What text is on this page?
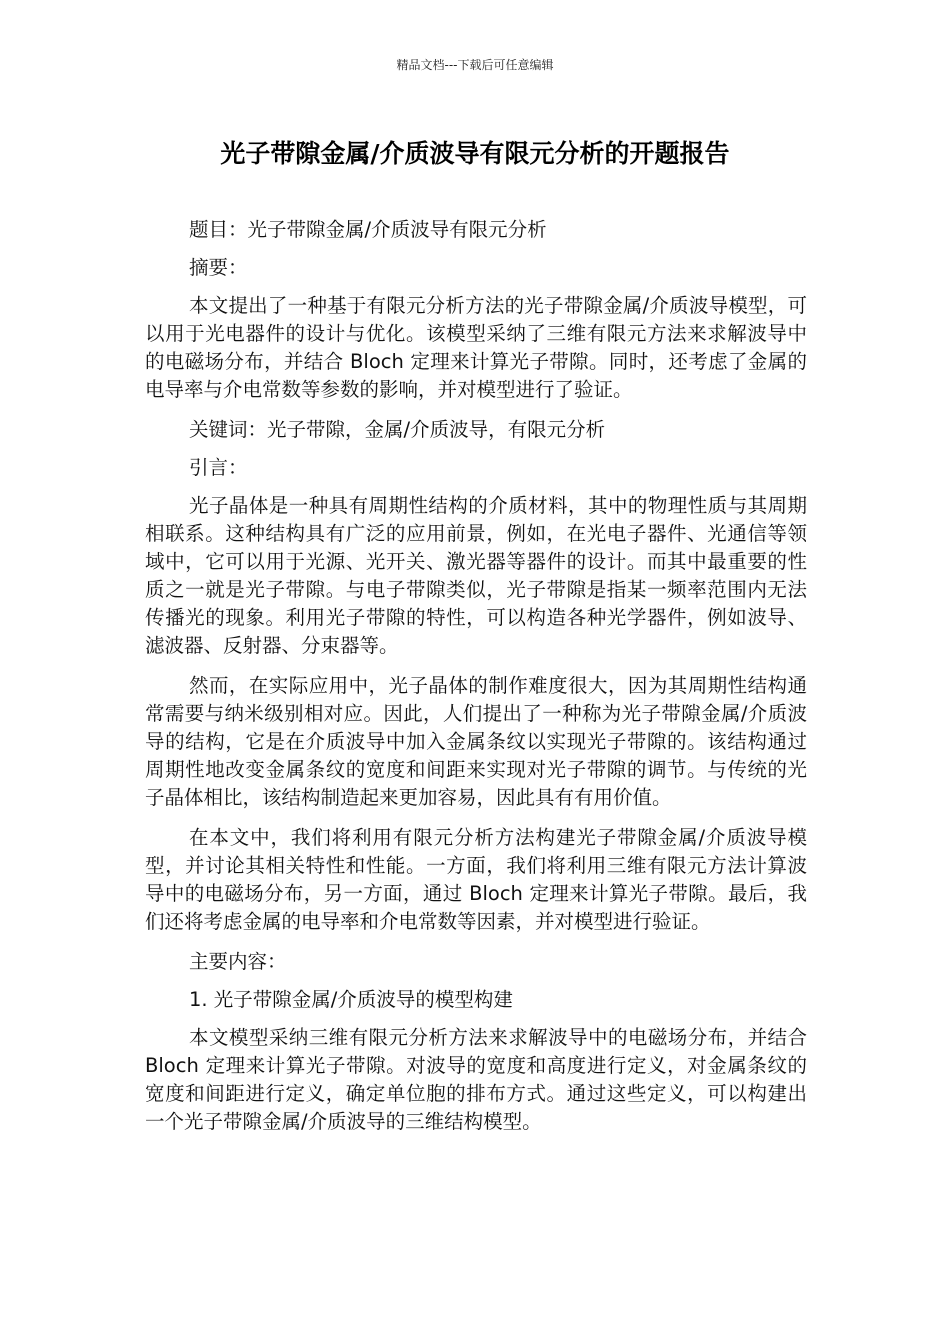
精品文档---下载后可任意编辑
光子带隙金属/介质波导有限元分析的开题报告

题目：光子带隙金属/介质波导有限元分析

摘要：

本文提出了一种基于有限元分析方法的光子带隙金属/介质波导模型，可以用于光电器件的设计与优化。该模型采纳了三维有限元方法来求解波导中的电磁场分布，并结合 Bloch 定理来计算光子带隙。同时，还考虑了金属的电导率与介电常数等参数的影响，并对模型进行了验证。

关键词：光子带隙，金属/介质波导，有限元分析

引言：

光子晶体是一种具有周期性结构的介质材料，其中的物理性质与其周期相联系。这种结构具有广泛的应用前景，例如，在光电子器件、光通信等领域中，它可以用于光源、光开关、激光器等器件的设计。而其中最重要的性质之一就是光子带隙。与电子带隙类似，光子带隙是指某一频率范围内无法传播光的现象。利用光子带隙的特性，可以构造各种光学器件，例如波导、滤波器、反射器、分束器等。

然而，在实际应用中，光子晶体的制作难度很大，因为其周期性结构通常需要与纳米级别相对应。因此，人们提出了一种称为光子带隙金属/介质波导的结构，它是在介质波导中加入金属条纹以实现光子带隙的。该结构通过周期性地改变金属条纹的宽度和间距来实现对光子带隙的调节。与传统的光子晶体相比，该结构制造起来更加容易，因此具有有用价值。

在本文中，我们将利用有限元分析方法构建光子带隙金属/介质波导模型，并讨论其相关特性和性能。一方面，我们将利用三维有限元方法计算波导中的电磁场分布，另一方面，通过 Bloch 定理来计算光子带隙。最后，我们还将考虑金属的电导率和介电常数等因素，并对模型进行验证。

主要内容：

1. 光子带隙金属/介质波导的模型构建

本文模型采纳三维有限元分析方法来求解波导中的电磁场分布，并结合 Bloch 定理来计算光子带隙。对波导的宽度和高度进行定义，对金属条纹的宽度和间距进行定义，确定单位胞的排布方式。通过这些定义，可以构建出一个光子带隙金属/介质波导的三维结构模型。
